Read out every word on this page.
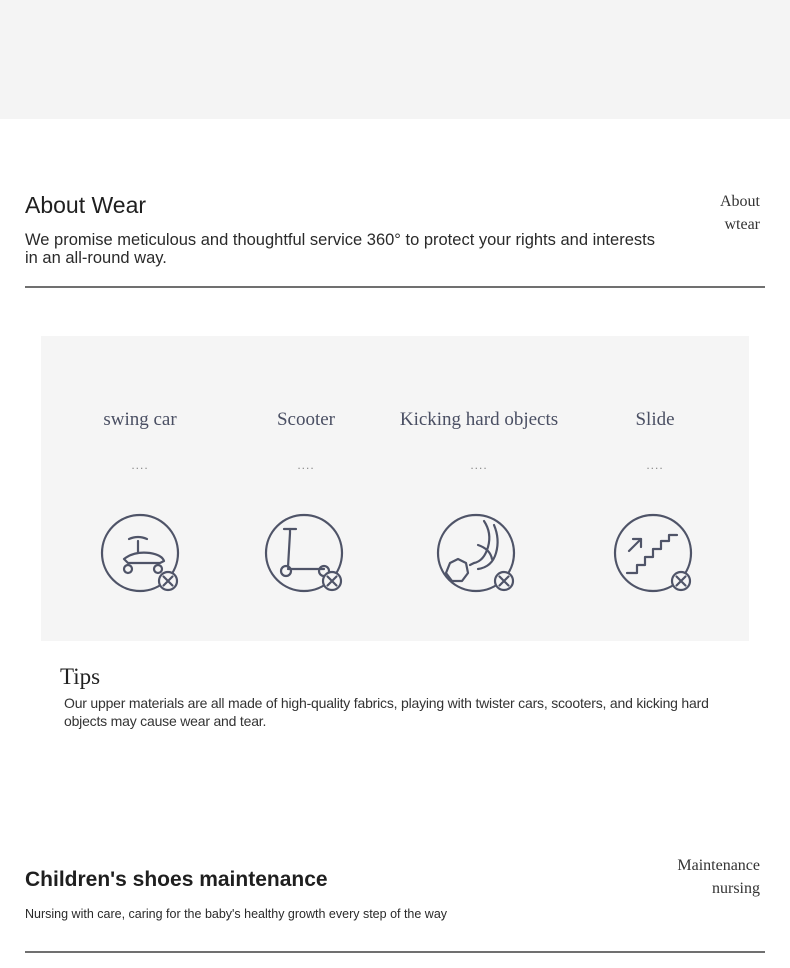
About Wear

We promise meticulous and thoughtful service 360° to protect your rights and interests in an all-round way.

About
wtear
swing car
....
Scooter
....
Kicking hard objects
....
Slide
....
Tips

Our upper materials are all made of high-quality fabrics, playing with twister cars, scooters, and kicking hard objects may cause wear and tear.

Children's shoes maintenance

Nursing with care, caring for the baby's healthy growth every step of the way

Maintenance
nursing
